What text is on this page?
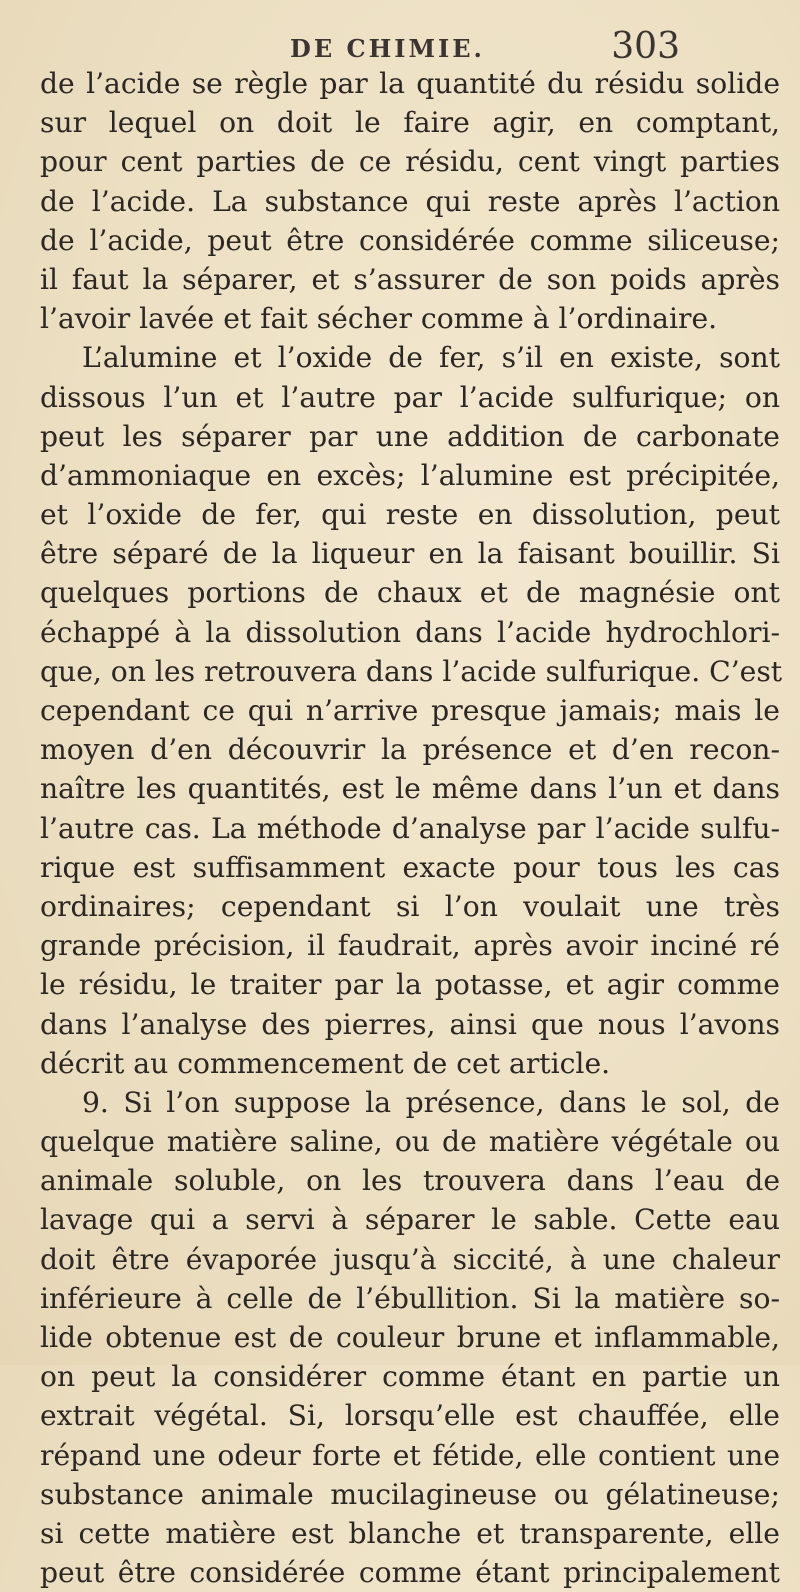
DE CHIMIE.	303
de l’acide se règle par la quantité du résidu solide
sur lequel on doit le faire agir, en comptant,
pour cent parties de ce résidu, cent vingt parties
de l’acide. La substance qui reste après l’action
de l’acide, peut être considérée comme siliceuse;
il faut la séparer, et s’assurer de son poids après
l’avoir lavée et fait sécher comme à l’ordinaire.
L’alumine et l’oxide de fer, s’il en existe, sont
dissous l’un et l’autre par l’acide sulfurique; on
peut les séparer par une addition de carbonate
d’ammoniaque en excès; l’alumine est précipitée,
et l’oxide de fer, qui reste en dissolution, peut
être séparé de la liqueur en la faisant bouillir. Si
quelques portions de chaux et de magnésie ont
échappé à la dissolution dans l’acide hydrochlori-
que, on les retrouvera dans l’acide sulfurique. C’est
cependant ce qui n’arrive presque jamais; mais le
moyen d’en découvrir la présence et d’en recon-
naître les quantités, est le même dans l’un et dans
l’autre cas. La méthode d’analyse par l’acide sulfu-
rique est suffisamment exacte pour tous les cas
ordinaires; cependant si l’on voulait une très
grande précision, il faudrait, après avoir inciné ré
le résidu, le traiter par la potasse, et agir comme
dans l’analyse des pierres, ainsi que nous l’avons
décrit au commencement de cet article.
9. Si l’on suppose la présence, dans le sol, de
quelque matière saline, ou de matière végétale ou
animale soluble, on les trouvera dans l’eau de
lavage qui a servi à séparer le sable. Cette eau
doit être évaporée jusqu’à siccité, à une chaleur
inférieure à celle de l’ébullition. Si la matière so-
lide obtenue est de couleur brune et inflammable,
on peut la considérer comme étant en partie un
extrait végétal. Si, lorsqu’elle est chauffée, elle
répand une odeur forte et fétide, elle contient une
substance animale mucilagineuse ou gélatineuse;
si cette matière est blanche et transparente, elle
peut être considérée comme étant principalement
